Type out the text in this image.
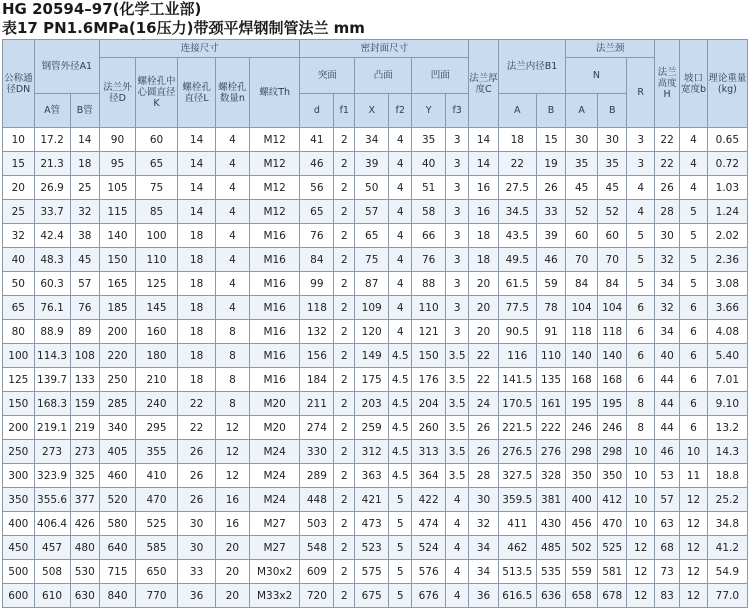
HG 20594–97(化学工业部)
表17 PN1.6MPa(16压力)带颈平焊钢制管法兰 mm
公称通径DN	钢管外径A1		连接尺寸					密封面尺寸						法兰厚度C	法兰内径B1		法兰颈			法兰高度H	坡口宽度b	理论重量(kg)
			法兰外径D	螺栓孔中心圆直径K	螺栓孔直径L	螺栓孔数量n	螺纹Th	突面		凸面		凹面					N		R			
	A管	B管						d	f1	X	f2	Y	f3		A	B	A	B				
10	17.2	14	90	60	14	4	M12	41	2	34	4	35	3	14	18	15	30	30	3	22	4	0.65
15	21.3	18	95	65	14	4	M12	46	2	39	4	40	3	14	22	19	35	35	3	22	4	0.72
20	26.9	25	105	75	14	4	M12	56	2	50	4	51	3	16	27.5	26	45	45	4	26	4	1.03
25	33.7	32	115	85	14	4	M12	65	2	57	4	58	3	16	34.5	33	52	52	4	28	5	1.24
32	42.4	38	140	100	18	4	M16	76	2	65	4	66	3	18	43.5	39	60	60	5	30	5	2.02
40	48.3	45	150	110	18	4	M16	84	2	75	4	76	3	18	49.5	46	70	70	5	32	5	2.36
50	60.3	57	165	125	18	4	M16	99	2	87	4	88	3	20	61.5	59	84	84	5	34	5	3.08
65	76.1	76	185	145	18	4	M16	118	2	109	4	110	3	20	77.5	78	104	104	6	32	6	3.66
80	88.9	89	200	160	18	8	M16	132	2	120	4	121	3	20	90.5	91	118	118	6	34	6	4.08
100	114.3	108	220	180	18	8	M16	156	2	149	4.5	150	3.5	22	116	110	140	140	6	40	6	5.40
125	139.7	133	250	210	18	8	M16	184	2	175	4.5	176	3.5	22	141.5	135	168	168	6	44	6	7.01
150	168.3	159	285	240	22	8	M20	211	2	203	4.5	204	3.5	24	170.5	161	195	195	8	44	6	9.10
200	219.1	219	340	295	22	12	M20	274	2	259	4.5	260	3.5	26	221.5	222	246	246	8	44	6	13.2
250	273	273	405	355	26	12	M24	330	2	312	4.5	313	3.5	26	276.5	276	298	298	10	46	10	14.3
300	323.9	325	460	410	26	12	M24	289	2	363	4.5	364	3.5	28	327.5	328	350	350	10	53	11	18.8
350	355.6	377	520	470	26	16	M24	448	2	421	5	422	4	30	359.5	381	400	412	10	57	12	25.2
400	406.4	426	580	525	30	16	M27	503	2	473	5	474	4	32	411	430	456	470	10	63	12	34.8
450	457	480	640	585	30	20	M27	548	2	523	5	524	4	34	462	485	502	525	12	68	12	41.2
500	508	530	715	650	33	20	M30x2	609	2	575	5	576	4	34	513.5	535	559	581	12	73	12	54.9
600	610	630	840	770	36	20	M33x2	720	2	675	5	676	4	36	616.5	636	658	678	12	83	12	77.0
